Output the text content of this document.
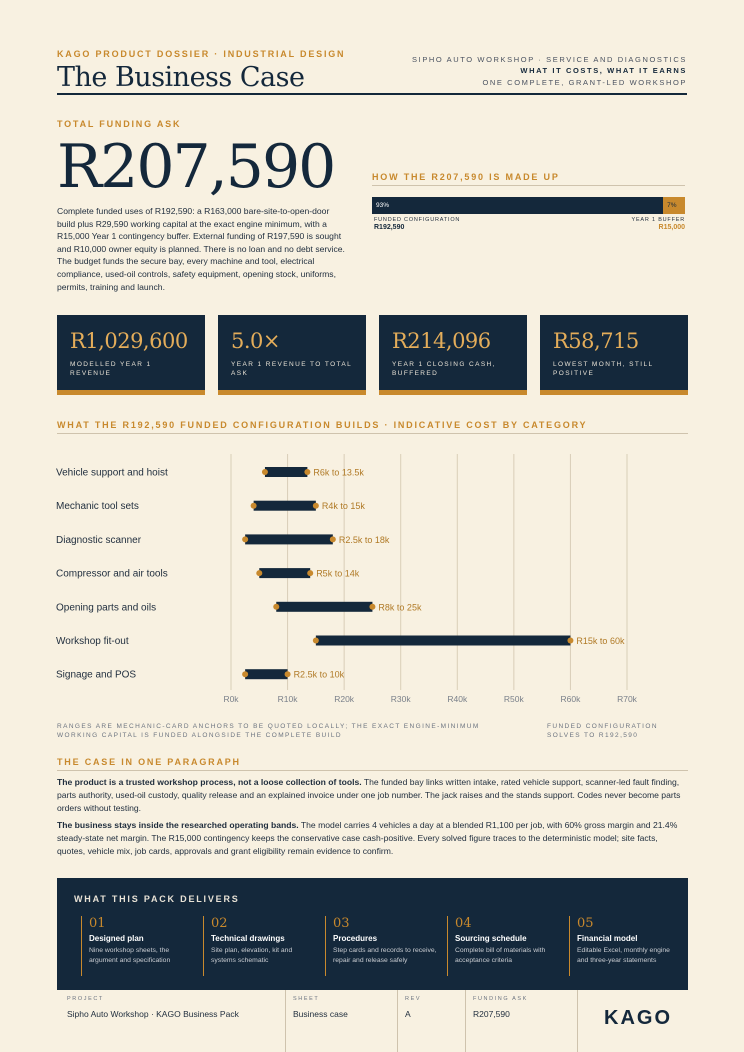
KAGO PRODUCT DOSSIER · INDUSTRIAL DESIGN
The Business Case
SIPHO AUTO WORKSHOP · SERVICE AND DIAGNOSTICS
WHAT IT COSTS, WHAT IT EARNS
ONE COMPLETE, GRANT-LED WORKSHOP
TOTAL FUNDING ASK
R207,590
Complete funded uses of R192,590: a R163,000 bare-site-to-open-door build plus R29,590 working capital at the exact engine minimum, with a R15,000 Year 1 contingency buffer. External funding of R197,590 is sought and R10,000 owner equity is planned. There is no loan and no debt service. The budget funds the secure bay, every machine and tool, electrical compliance, used-oil controls, safety equipment, opening stock, uniforms, permits, training and launch.
HOW THE R207,590 IS MADE UP
93%	7%
FUNDED CONFIGURATION
R192,590
YEAR 1 BUFFER
R15,000
R1,029,600
MODELLED YEAR 1 REVENUE
5.0×
YEAR 1 REVENUE TO TOTAL ASK
R214,096
YEAR 1 CLOSING CASH, BUFFERED
R58,715
LOWEST MONTH, STILL POSITIVE
WHAT THE R192,590 FUNDED CONFIGURATION BUILDS · INDICATIVE COST BY CATEGORY
R0k	R10k	R20k	R30k	R40k	R50k	R60k	R70k
Vehicle support and hoist	R6k to 13.5k
Mechanic tool sets	R4k to 15k
Diagnostic scanner	R2.5k to 18k
Compressor and air tools	R5k to 14k
Opening parts and oils	R8k to 25k
Workshop fit-out	R15k to 60k
Signage and POS	R2.5k to 10k
RANGES ARE MECHANIC-CARD ANCHORS TO BE QUOTED LOCALLY; THE EXACT ENGINE-MINIMUM WORKING CAPITAL IS FUNDED ALONGSIDE THE COMPLETE BUILD
FUNDED CONFIGURATION SOLVES TO R192,590
THE CASE IN ONE PARAGRAPH
The product is a trusted workshop process, not a loose collection of tools. The funded bay links written intake, rated vehicle support, scanner-led fault finding, parts authority, used-oil custody, quality release and an explained invoice under one job number. The jack raises and the stands support. Codes never become parts orders without testing.
The business stays inside the researched operating bands. The model carries 4 vehicles a day at a blended R1,100 per job, with 60% gross margin and 21.4% steady-state net margin. The R15,000 contingency keeps the conservative case cash-positive. Every solved figure traces to the deterministic model; site facts, quotes, vehicle mix, job cards, approvals and grant eligibility remain evidence to confirm.
WHAT THIS PACK DELIVERS
01
Designed plan
Nine workshop sheets, the argument and specification
02
Technical drawings
Site plan, elevation, kit and systems schematic
03
Procedures
Step cards and records to receive, repair and release safely
04
Sourcing schedule
Complete bill of materials with acceptance criteria
05
Financial model
Editable Excel, monthly engine and three-year statements
PROJECT
Sipho Auto Workshop · KAGO Business Pack
SHEET
Business case
REV
A
FUNDING ASK
R207,590	KAGO
